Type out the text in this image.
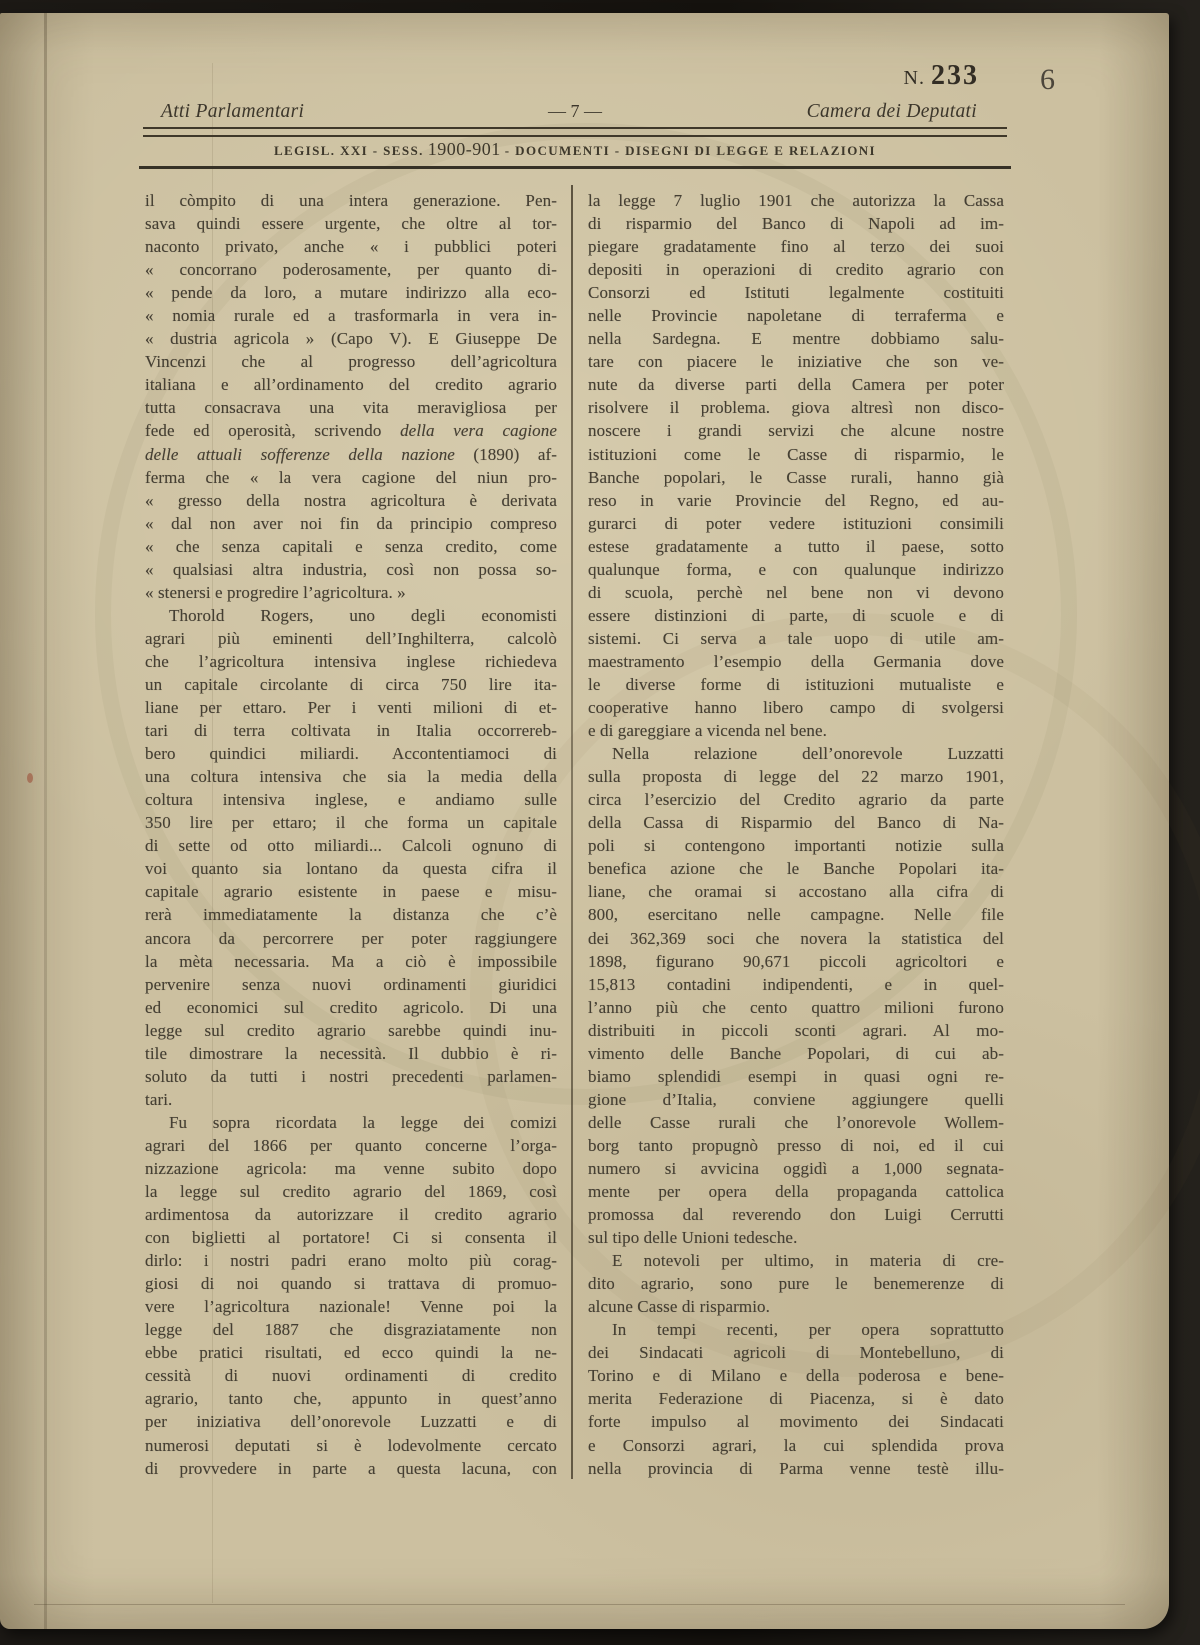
6
N. 233
Atti Parlamentari	— 7 —	Camera dei Deputati
LEGISL. XXI - SESS. 1900-901 - DOCUMENTI - DISEGNI DI LEGGE E RELAZIONI
il còmpito di una intera generazione. Pen-
sava quindi essere urgente, che oltre al tor-
naconto privato, anche « i pubblici poteri
« concorrano poderosamente, per quanto di-
« pende da loro, a mutare indirizzo alla eco-
« nomia rurale ed a trasformarla in vera in-
« dustria agricola » (Capo V). E Giuseppe De
Vincenzi che al progresso dell’agricoltura
italiana e all’ordinamento del credito agrario
tutta consacrava una vita meravigliosa per
fede ed operosità, scrivendo della vera cagione
delle attuali sofferenze della nazione (1890) af-
ferma che « la vera cagione del niun pro-
« gresso della nostra agricoltura è derivata
« dal non aver noi fin da principio compreso
« che senza capitali e senza credito, come
« qualsiasi altra industria, così non possa so-
« stenersi e progredire l’agricoltura. »
Thorold Rogers, uno degli economisti
agrari più eminenti dell’Inghilterra, calcolò
che l’agricoltura intensiva inglese richiedeva
un capitale circolante di circa 750 lire ita-
liane per ettaro. Per i venti milioni di et-
tari di terra coltivata in Italia occorrereb-
bero quindici miliardi. Accontentiamoci di
una coltura intensiva che sia la media della
coltura intensiva inglese, e andiamo sulle
350 lire per ettaro; il che forma un capitale
di sette od otto miliardi... Calcoli ognuno di
voi quanto sia lontano da questa cifra il
capitale agrario esistente in paese e misu-
rerà immediatamente la distanza che c’è
ancora da percorrere per poter raggiungere
la mèta necessaria. Ma a ciò è impossibile
pervenire senza nuovi ordinamenti giuridici
ed economici sul credito agricolo. Di una
legge sul credito agrario sarebbe quindi inu-
tile dimostrare la necessità. Il dubbio è ri-
soluto da tutti i nostri precedenti parlamen-
tari.
Fu sopra ricordata la legge dei comizi
agrari del 1866 per quanto concerne l’orga-
nizzazione agricola: ma venne subito dopo
la legge sul credito agrario del 1869, così
ardimentosa da autorizzare il credito agrario
con biglietti al portatore! Ci si consenta il
dirlo: i nostri padri erano molto più corag-
giosi di noi quando si trattava di promuo-
vere l’agricoltura nazionale! Venne poi la
legge del 1887 che disgraziatamente non
ebbe pratici risultati, ed ecco quindi la ne-
cessità di nuovi ordinamenti di credito
agrario, tanto che, appunto in quest’anno
per iniziativa dell’onorevole Luzzatti e di
numerosi deputati si è lodevolmente cercato
di provvedere in parte a questa lacuna, con
la legge 7 luglio 1901 che autorizza la Cassa
di risparmio del Banco di Napoli ad im-
piegare gradatamente fino al terzo dei suoi
depositi in operazioni di credito agrario con
Consorzi ed Istituti legalmente costituiti
nelle Provincie napoletane di terraferma e
nella Sardegna. E mentre dobbiamo salu-
tare con piacere le iniziative che son ve-
nute da diverse parti della Camera per poter
risolvere il problema. giova altresì non disco-
noscere i grandi servizi che alcune nostre
istituzioni come le Casse di risparmio, le
Banche popolari, le Casse rurali, hanno già
reso in varie Provincie del Regno, ed au-
gurarci di poter vedere istituzioni consimili
estese gradatamente a tutto il paese, sotto
qualunque forma, e con qualunque indirizzo
di scuola, perchè nel bene non vi devono
essere distinzioni di parte, di scuole e di
sistemi. Ci serva a tale uopo di utile am-
maestramento l’esempio della Germania dove
le diverse forme di istituzioni mutualiste e
cooperative hanno libero campo di svolgersi
e di gareggiare a vicenda nel bene.
Nella relazione dell’onorevole Luzzatti
sulla proposta di legge del 22 marzo 1901,
circa l’esercizio del Credito agrario da parte
della Cassa di Risparmio del Banco di Na-
poli si contengono importanti notizie sulla
benefica azione che le Banche Popolari ita-
liane, che oramai si accostano alla cifra di
800, esercitano nelle campagne. Nelle file
dei 362,369 soci che novera la statistica del
1898, figurano 90,671 piccoli agricoltori e
15,813 contadini indipendenti, e in quel-
l’anno più che cento quattro milioni furono
distribuiti in piccoli sconti agrari. Al mo-
vimento delle Banche Popolari, di cui ab-
biamo splendidi esempi in quasi ogni re-
gione d’Italia, conviene aggiungere quelli
delle Casse rurali che l’onorevole Wollem-
borg tanto propugnò presso di noi, ed il cui
numero si avvicina oggidì a 1,000 segnata-
mente per opera della propaganda cattolica
promossa dal reverendo don Luigi Cerrutti
sul tipo delle Unioni tedesche.
E notevoli per ultimo, in materia di cre-
dito agrario, sono pure le benemerenze di
alcune Casse di risparmio.
In tempi recenti, per opera soprattutto
dei Sindacati agricoli di Montebelluno, di
Torino e di Milano e della poderosa e bene-
merita Federazione di Piacenza, si è dato
forte impulso al movimento dei Sindacati
e Consorzi agrari, la cui splendida prova
nella provincia di Parma venne testè illu-
